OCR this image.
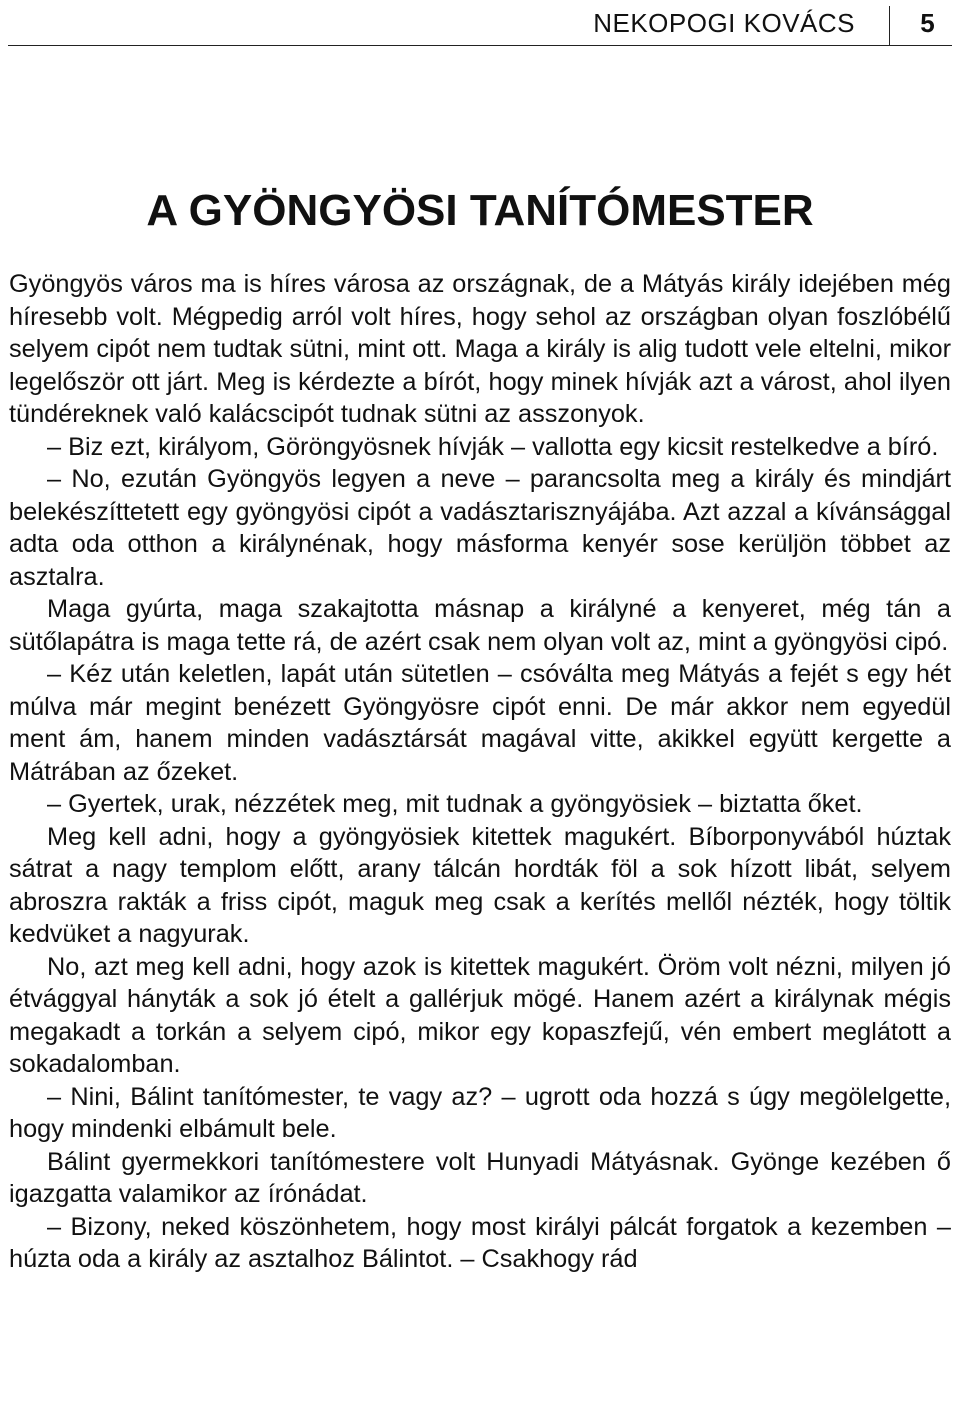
NEKOPOGI KOVÁCS	5
A GYÖNGYÖSI TANÍTÓMESTER

Gyöngyös város ma is híres városa az országnak, de a Mátyás király idejében még híresebb volt. Mégpedig arról volt híres, hogy sehol az országban olyan foszlóbélű selyem cipót nem tudtak sütni, mint ott. Maga a király is alig tudott vele eltelni, mikor legelőször ott járt. Meg is kérdezte a bírót, hogy minek hívják azt a várost, ahol ilyen tündéreknek való kalácscipót tudnak sütni az asszonyok.

– Biz ezt, királyom, Göröngyösnek hívják – vallotta egy kicsit restelkedve a bíró.

– No, ezután Gyöngyös legyen a neve – parancsolta meg a király és mindjárt belekészíttetett egy gyöngyösi cipót a vadásztarisznyájába. Azt azzal a kívánsággal adta oda otthon a királynénak, hogy másforma kenyér sose kerüljön többet az asztalra.

Maga gyúrta, maga szakajtotta másnap a királyné a kenyeret, még tán a sütőlapátra is maga tette rá, de azért csak nem olyan volt az, mint a gyöngyösi cipó.

– Kéz után keletlen, lapát után sütetlen – csóválta meg Mátyás a fejét s egy hét múlva már megint benézett Gyöngyösre cipót enni. De már akkor nem egyedül ment ám, hanem minden vadásztársát magával vitte, akikkel együtt kergette a Mátrában az őzeket.

– Gyertek, urak, nézzétek meg, mit tudnak a gyöngyösiek – biztatta őket.

Meg kell adni, hogy a gyöngyösiek kitettek magukért. Bíborponyvából húztak sátrat a nagy templom előtt, arany tálcán hordták föl a sok hízott libát, selyem abroszra rakták a friss cipót, maguk meg csak a kerítés mellől nézték, hogy töltik kedvüket a nagyurak.

No, azt meg kell adni, hogy azok is kitettek magukért. Öröm volt nézni, milyen jó étvággyal hányták a sok jó ételt a gallérjuk mögé. Hanem azért a királynak mégis megakadt a torkán a selyem cipó, mikor egy kopaszfejű, vén embert meglátott a sokadalomban.

– Nini, Bálint tanítómester, te vagy az? – ugrott oda hozzá s úgy megölelgette, hogy mindenki elbámult bele.

Bálint gyermekkori tanítómestere volt Hunyadi Mátyásnak. Gyönge kezében ő igazgatta valamikor az írónádat.

– Bizony, neked köszönhetem, hogy most királyi pálcát forgatok a kezemben – húzta oda a király az asztalhoz Bálintot. – Csakhogy rád
